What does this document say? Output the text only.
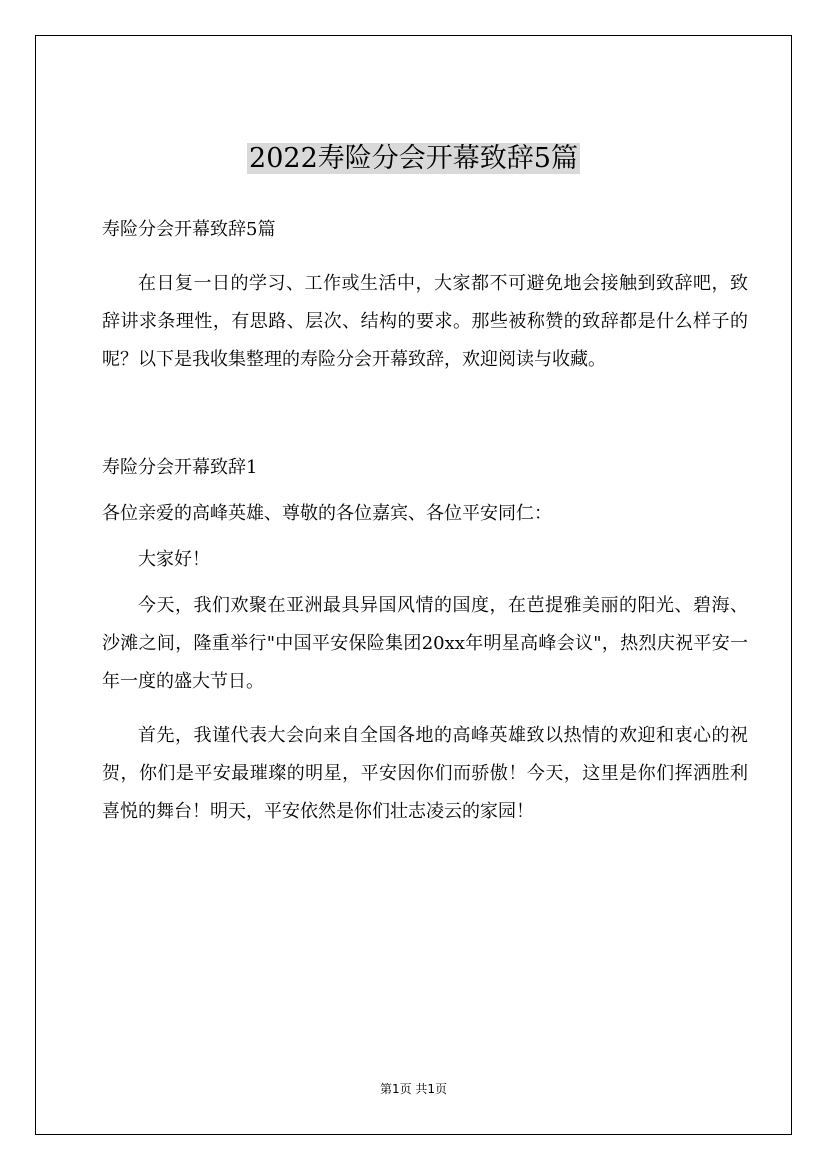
2022寿险分会开幕致辞5篇

寿险分会开幕致辞5篇

在日复一日的学习、工作或生活中，大家都不可避免地会接触到致辞吧，致辞讲求条理性，有思路、层次、结构的要求。那些被称赞的致辞都是什么样子的呢？以下是我收集整理的寿险分会开幕致辞，欢迎阅读与收藏。

寿险分会开幕致辞1

各位亲爱的高峰英雄、尊敬的各位嘉宾、各位平安同仁：

大家好！

今天，我们欢聚在亚洲最具异国风情的国度，在芭提雅美丽的阳光、碧海、沙滩之间，隆重举行"中国平安保险集团20xx年明星高峰会议"，热烈庆祝平安一年一度的盛大节日。

首先，我谨代表大会向来自全国各地的高峰英雄致以热情的欢迎和衷心的祝贺，你们是平安最璀璨的明星，平安因你们而骄傲！今天，这里是你们挥洒胜利喜悦的舞台！明天，平安依然是你们壮志凌云的家园！

第1页 共1页
